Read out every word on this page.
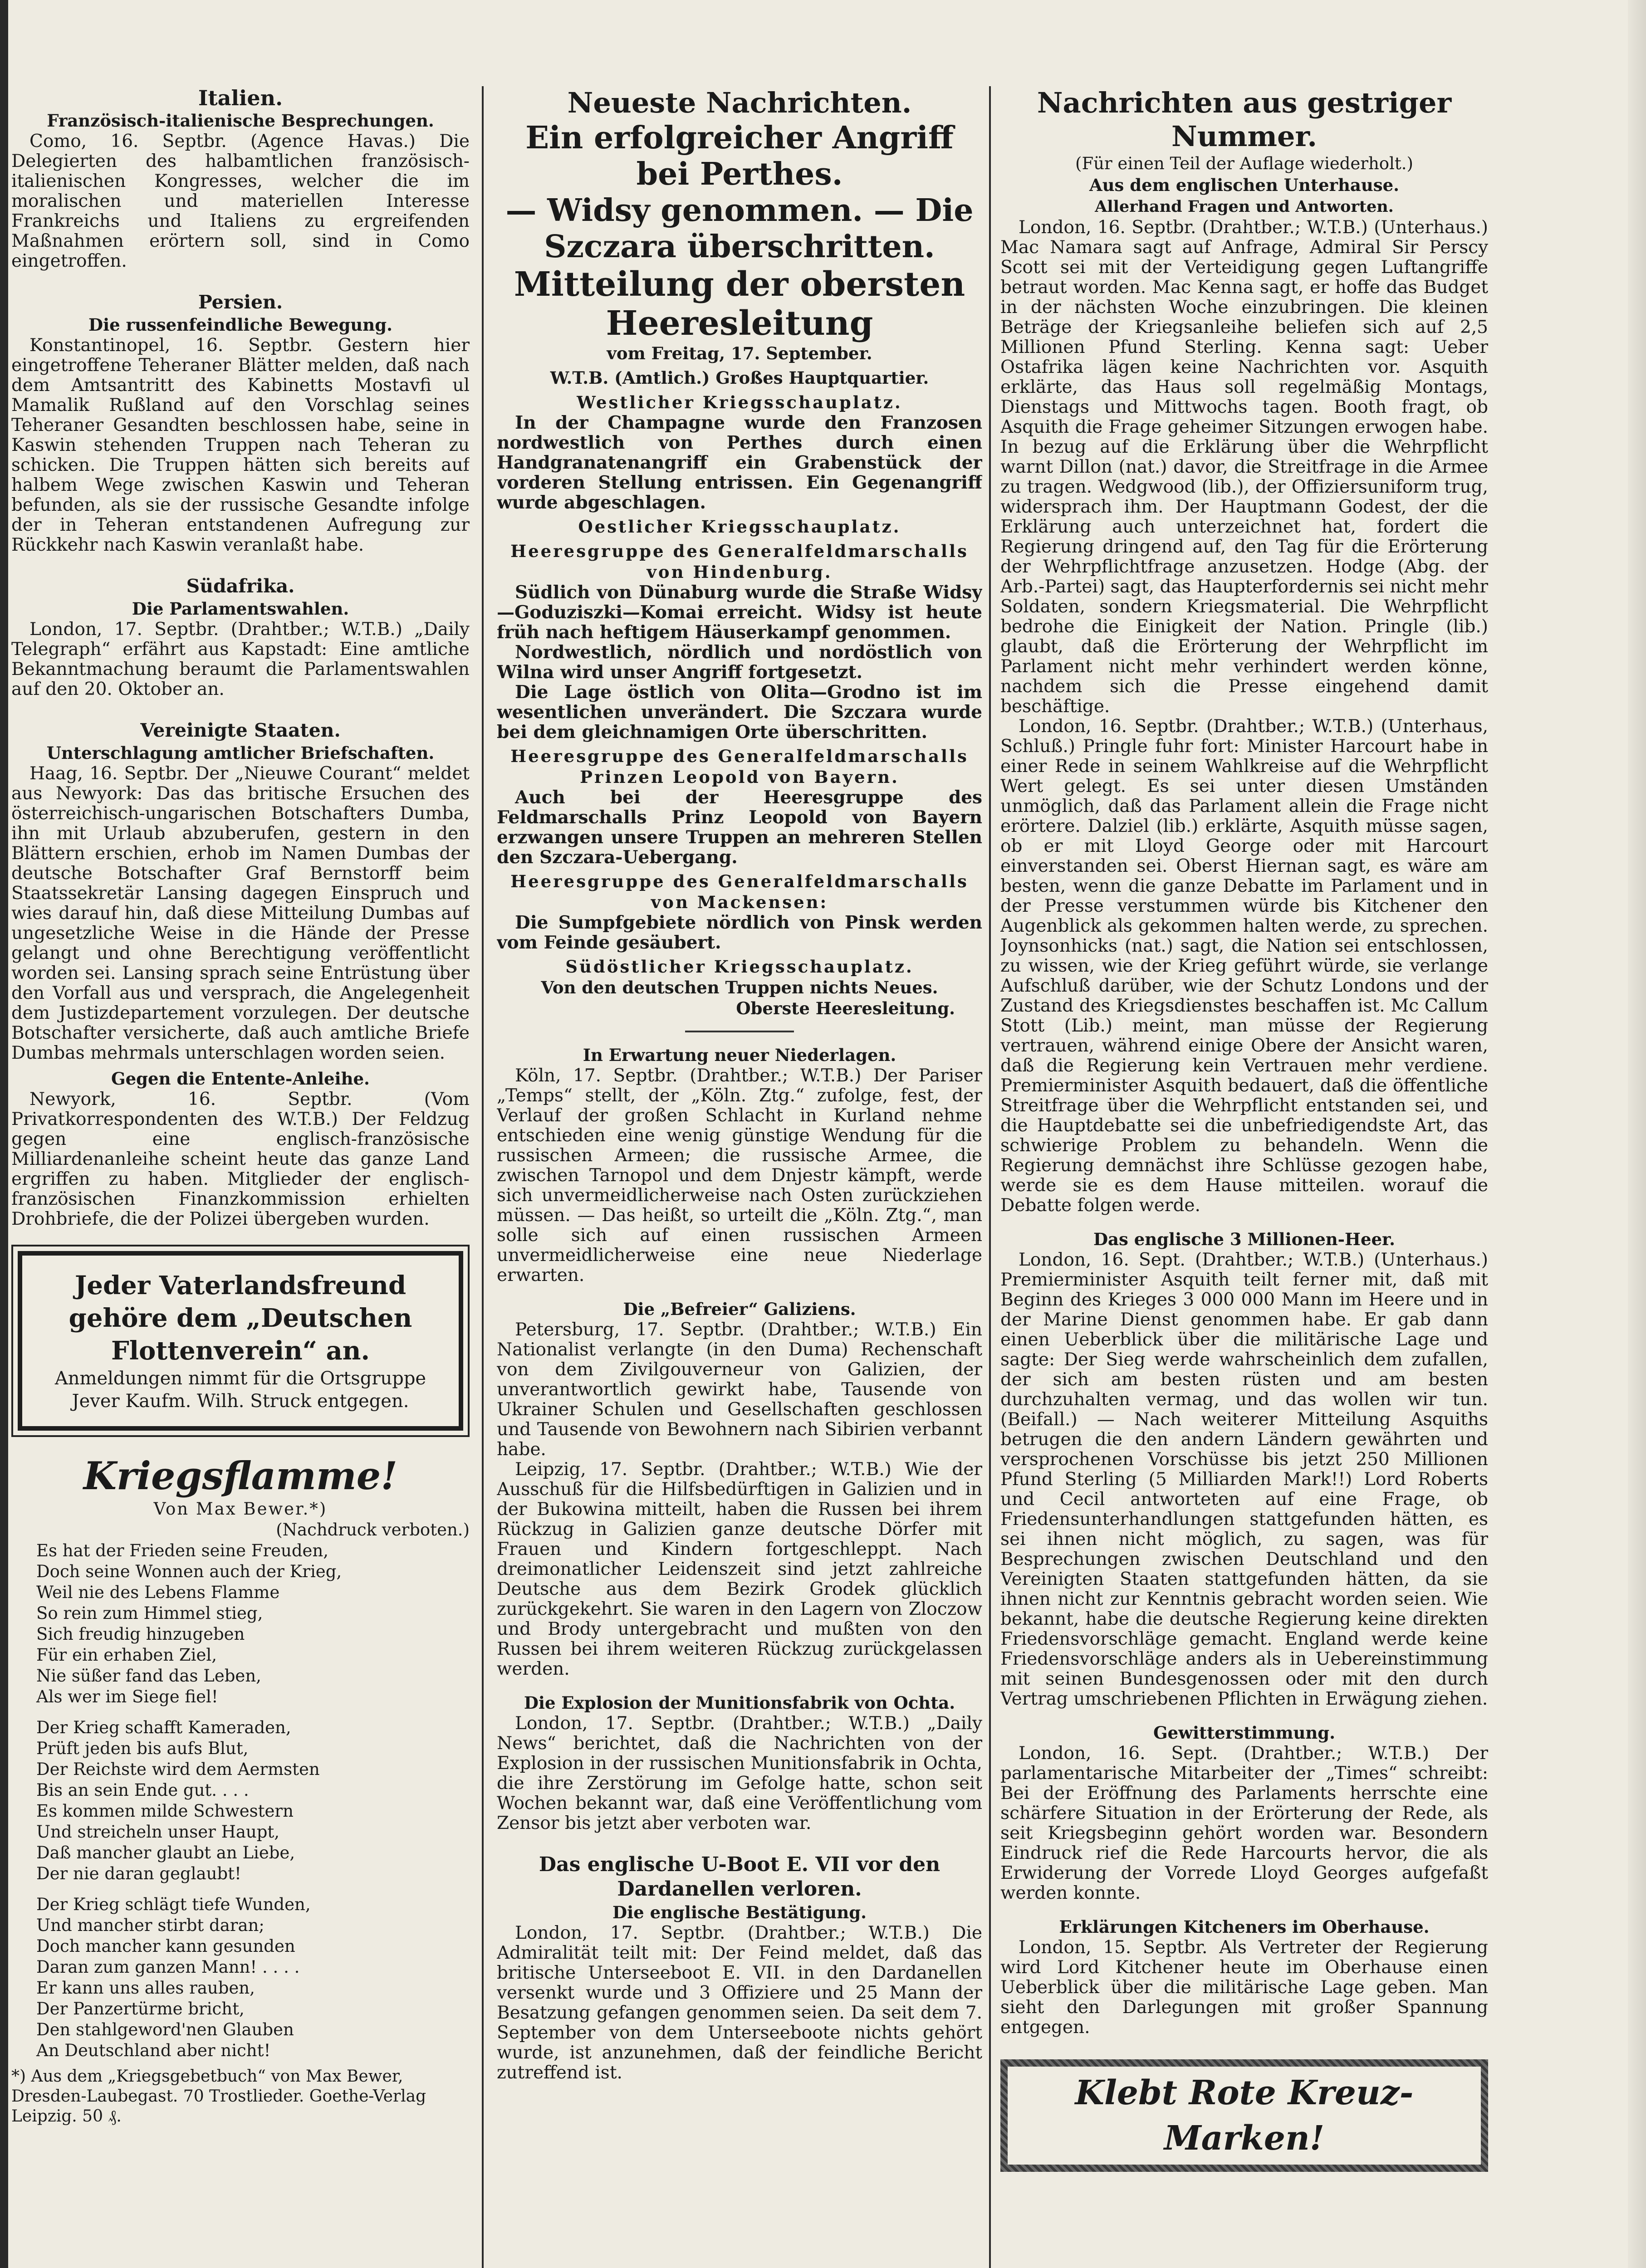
Italien.
Französisch-italienische Besprechungen.

Como, 16. Septbr. (Agence Havas.) Die Delegierten des halbamtlichen französisch-italienischen Kongresses, welcher die im moralischen und materiellen Interesse Frankreichs und Italiens zu ergreifenden Maßnahmen erörtern soll, sind in Como eingetroffen.

Persien.
Die russenfeindliche Bewegung.

Konstantinopel, 16. Septbr. Gestern hier eingetroffene Teheraner Blätter melden, daß nach dem Amtsantritt des Kabinetts Mostavfi ul Mamalik Rußland auf den Vorschlag seines Teheraner Gesandten beschlossen habe, seine in Kaswin stehenden Truppen nach Teheran zu schicken. Die Truppen hätten sich bereits auf halbem Wege zwischen Kaswin und Teheran befunden, als sie der russische Gesandte infolge der in Teheran entstandenen Aufregung zur Rückkehr nach Kaswin veranlaßt habe.

Südafrika.
Die Parlamentswahlen.

London, 17. Septbr. (Drahtber.; W.T.B.) „Daily Telegraph“ erfährt aus Kapstadt: Eine amtliche Bekanntmachung beraumt die Parlamentswahlen auf den 20. Oktober an.

Vereinigte Staaten.
Unterschlagung amtlicher Briefschaften.

Haag, 16. Septbr. Der „Nieuwe Courant“ meldet aus Newyork: Das das britische Ersuchen des österreichisch-ungarischen Botschafters Dumba, ihn mit Urlaub abzuberufen, gestern in den Blättern erschien, erhob im Namen Dumbas der deutsche Botschafter Graf Bernstorff beim Staatssekretär Lansing dagegen Einspruch und wies darauf hin, daß diese Mitteilung Dumbas auf ungesetzliche Weise in die Hände der Presse gelangt und ohne Berechtigung veröffentlicht worden sei. Lansing sprach seine Entrüstung über den Vorfall aus und versprach, die Angelegenheit dem Justizdepartement vorzulegen. Der deutsche Botschafter versicherte, daß auch amtliche Briefe Dumbas mehrmals unterschlagen worden seien.

Gegen die Entente-Anleihe.

Newyork, 16. Septbr. (Vom Privatkorrespondenten des W.T.B.) Der Feldzug gegen eine englisch-französische Milliardenanleihe scheint heute das ganze Land ergriffen zu haben. Mitglieder der englisch-französischen Finanzkommission erhielten Drohbriefe, die der Polizei übergeben wurden.

Jeder Vaterlandsfreund gehöre dem „Deutschen Flottenverein“ an.
Anmeldungen nimmt für die Ortsgruppe Jever Kaufm. Wilh. Struck entgegen.
Kriegsflamme!
Von Max Bewer.*)
(Nachdruck verboten.)
Es hat der Frieden seine Freuden,
Doch seine Wonnen auch der Krieg,
Weil nie des Lebens Flamme
So rein zum Himmel stieg,
Sich freudig hinzugeben
Für ein erhaben Ziel,
Nie süßer fand das Leben,
Als wer im Siege fiel!
Der Krieg schafft Kameraden,
Prüft jeden bis aufs Blut,
Der Reichste wird dem Aermsten
Bis an sein Ende gut. . . .
Es kommen milde Schwestern
Und streicheln unser Haupt,
Daß mancher glaubt an Liebe,
Der nie daran geglaubt!
Der Krieg schlägt tiefe Wunden,
Und mancher stirbt daran;
Doch mancher kann gesunden
Daran zum ganzen Mann! . . . .
Er kann uns alles rauben,
Der Panzertürme bricht,
Den stahlgeword'nen Glauben
An Deutschland aber nicht!
*) Aus dem „Kriegsgebetbuch“ von Max Bewer, Dresden-Laubegast. 70 Trostlieder. Goethe-Verlag Leipzig. 50 ₰.
Neueste Nachrichten.
Ein erfolgreicher Angriff bei Perthes.
— Widsy genommen. — Die Szczara überschritten.
Mitteilung der obersten Heeresleitung
vom Freitag, 17. September.
W.T.B. (Amtlich.) Großes Hauptquartier.
Westlicher Kriegsschauplatz.

In der Champagne wurde den Franzosen nordwestlich von Perthes durch einen Handgranatenangriff ein Grabenstück der vorderen Stellung entrissen. Ein Gegenangriff wurde abgeschlagen.

Oestlicher Kriegsschauplatz.
Heeresgruppe des Generalfeldmarschalls von Hindenburg.

Südlich von Dünaburg wurde die Straße Widsy—Goduziszki—Komai erreicht. Widsy ist heute früh nach heftigem Häuserkampf genommen.

Nordwestlich, nördlich und nordöstlich von Wilna wird unser Angriff fortgesetzt.

Die Lage östlich von Olita—Grodno ist im wesentlichen unverändert. Die Szczara wurde bei dem gleichnamigen Orte überschritten.

Heeresgruppe des Generalfeldmarschalls Prinzen Leopold von Bayern.

Auch bei der Heeresgruppe des Feldmarschalls Prinz Leopold von Bayern erzwangen unsere Truppen an mehreren Stellen den Szczara-Uebergang.

Heeresgruppe des Generalfeldmarschalls von Mackensen:

Die Sumpfgebiete nördlich von Pinsk werden vom Feinde gesäubert.

Südöstlicher Kriegsschauplatz.
Von den deutschen Truppen nichts Neues.
Oberste Heeresleitung.
In Erwartung neuer Niederlagen.

Köln, 17. Septbr. (Drahtber.; W.T.B.) Der Pariser „Temps“ stellt, der „Köln. Ztg.“ zufolge, fest, der Verlauf der großen Schlacht in Kurland nehme entschieden eine wenig günstige Wendung für die russischen Armeen; die russische Armee, die zwischen Tarnopol und dem Dnjestr kämpft, werde sich unvermeidlicherweise nach Osten zurückziehen müssen. — Das heißt, so urteilt die „Köln. Ztg.“, man solle sich auf einen russischen Armeen unvermeidlicherweise eine neue Niederlage erwarten.

Die „Befreier“ Galiziens.

Petersburg, 17. Septbr. (Drahtber.; W.T.B.) Ein Nationalist verlangte (in den Duma) Rechenschaft von dem Zivilgouverneur von Galizien, der unverantwortlich gewirkt habe, Tausende von Ukrainer Schulen und Gesellschaften geschlossen und Tausende von Bewohnern nach Sibirien verbannt habe.

Leipzig, 17. Septbr. (Drahtber.; W.T.B.) Wie der Ausschuß für die Hilfsbedürftigen in Galizien und in der Bukowina mitteilt, haben die Russen bei ihrem Rückzug in Galizien ganze deutsche Dörfer mit Frauen und Kindern fortgeschleppt. Nach dreimonatlicher Leidenszeit sind jetzt zahlreiche Deutsche aus dem Bezirk Grodek glücklich zurückgekehrt. Sie waren in den Lagern von Zloczow und Brody untergebracht und mußten von den Russen bei ihrem weiteren Rückzug zurückgelassen werden.

Die Explosion der Munitionsfabrik von Ochta.

London, 17. Septbr. (Drahtber.; W.T.B.) „Daily News“ berichtet, daß die Nachrichten von der Explosion in der russischen Munitionsfabrik in Ochta, die ihre Zerstörung im Gefolge hatte, schon seit Wochen bekannt war, daß eine Veröffentlichung vom Zensor bis jetzt aber verboten war.

Das englische U-Boot E. VII vor den Dardanellen verloren.
Die englische Bestätigung.

London, 17. Septbr. (Drahtber.; W.T.B.) Die Admiralität teilt mit: Der Feind meldet, daß das britische Unterseeboot E. VII. in den Dardanellen versenkt wurde und 3 Offiziere und 25 Mann der Besatzung gefangen genommen seien. Da seit dem 7. September von dem Unterseeboote nichts gehört wurde, ist anzunehmen, daß der feindliche Bericht zutreffend ist.

Nachrichten aus gestriger Nummer.
(Für einen Teil der Auflage wiederholt.)
Aus dem englischen Unterhause.
Allerhand Fragen und Antworten.

London, 16. Septbr. (Drahtber.; W.T.B.) (Unterhaus.) Mac Namara sagt auf Anfrage, Admiral Sir Perscy Scott sei mit der Verteidigung gegen Luftangriffe betraut worden. Mac Kenna sagt, er hoffe das Budget in der nächsten Woche einzubringen. Die kleinen Beträge der Kriegsanleihe beliefen sich auf 2,5 Millionen Pfund Sterling. Kenna sagt: Ueber Ostafrika lägen keine Nachrichten vor. Asquith erklärte, das Haus soll regelmäßig Montags, Dienstags und Mittwochs tagen. Booth fragt, ob Asquith die Frage geheimer Sitzungen erwogen habe. In bezug auf die Erklärung über die Wehrpflicht warnt Dillon (nat.) davor, die Streitfrage in die Armee zu tragen. Wedgwood (lib.), der Offiziersuniform trug, widersprach ihm. Der Hauptmann Godest, der die Erklärung auch unterzeichnet hat, fordert die Regierung dringend auf, den Tag für die Erörterung der Wehrpflichtfrage anzusetzen. Hodge (Abg. der Arb.-Partei) sagt, das Haupterfordernis sei nicht mehr Soldaten, sondern Kriegsmaterial. Die Wehrpflicht bedrohe die Einigkeit der Nation. Pringle (lib.) glaubt, daß die Erörterung der Wehrpflicht im Parlament nicht mehr verhindert werden könne, nachdem sich die Presse eingehend damit beschäftige.

London, 16. Septbr. (Drahtber.; W.T.B.) (Unterhaus, Schluß.) Pringle fuhr fort: Minister Harcourt habe in einer Rede in seinem Wahlkreise auf die Wehrpflicht Wert gelegt. Es sei unter diesen Umständen unmöglich, daß das Parlament allein die Frage nicht erörtere. Dalziel (lib.) erklärte, Asquith müsse sagen, ob er mit Lloyd George oder mit Harcourt einverstanden sei. Oberst Hiernan sagt, es wäre am besten, wenn die ganze Debatte im Parlament und in der Presse verstummen würde bis Kitchener den Augenblick als gekommen halten werde, zu sprechen. Joynsonhicks (nat.) sagt, die Nation sei entschlossen, zu wissen, wie der Krieg geführt würde, sie verlange Aufschluß darüber, wie der Schutz Londons und der Zustand des Kriegsdienstes beschaffen ist. Mc Callum Stott (Lib.) meint, man müsse der Regierung vertrauen, während einige Obere der Ansicht waren, daß die Regierung kein Vertrauen mehr verdiene. Premierminister Asquith bedauert, daß die öffentliche Streitfrage über die Wehrpflicht entstanden sei, und die Hauptdebatte sei die unbefriedigendste Art, das schwierige Problem zu behandeln. Wenn die Regierung demnächst ihre Schlüsse gezogen habe, werde sie es dem Hause mitteilen. worauf die Debatte folgen werde.

Das englische 3 Millionen-Heer.

London, 16. Sept. (Drahtber.; W.T.B.) (Unterhaus.) Premierminister Asquith teilt ferner mit, daß mit Beginn des Krieges 3 000 000 Mann im Heere und in der Marine Dienst genommen habe. Er gab dann einen Ueberblick über die militärische Lage und sagte: Der Sieg werde wahrscheinlich dem zufallen, der sich am besten rüsten und am besten durchzuhalten vermag, und das wollen wir tun. (Beifall.) — Nach weiterer Mitteilung Asquiths betrugen die den andern Ländern gewährten und versprochenen Vorschüsse bis jetzt 250 Millionen Pfund Sterling (5 Milliarden Mark!!) Lord Roberts und Cecil antworteten auf eine Frage, ob Friedensunterhandlungen stattgefunden hätten, es sei ihnen nicht möglich, zu sagen, was für Besprechungen zwischen Deutschland und den Vereinigten Staaten stattgefunden hätten, da sie ihnen nicht zur Kenntnis gebracht worden seien. Wie bekannt, habe die deutsche Regierung keine direkten Friedensvorschläge gemacht. England werde keine Friedensvorschläge anders als in Uebereinstimmung mit seinen Bundesgenossen oder mit den durch Vertrag umschriebenen Pflichten in Erwägung ziehen.

Gewitterstimmung.

London, 16. Sept. (Drahtber.; W.T.B.) Der parlamentarische Mitarbeiter der „Times“ schreibt: Bei der Eröffnung des Parlaments herrschte eine schärfere Situation in der Erörterung der Rede, als seit Kriegsbeginn gehört worden war. Besondern Eindruck rief die Rede Harcourts hervor, die als Erwiderung der Vorrede Lloyd Georges aufgefaßt werden konnte.

Erklärungen Kitcheners im Oberhause.

London, 15. Septbr. Als Vertreter der Regierung wird Lord Kitchener heute im Oberhause einen Ueberblick über die militärische Lage geben. Man sieht den Darlegungen mit großer Spannung entgegen.

Klebt Rote Kreuz-Marken!
